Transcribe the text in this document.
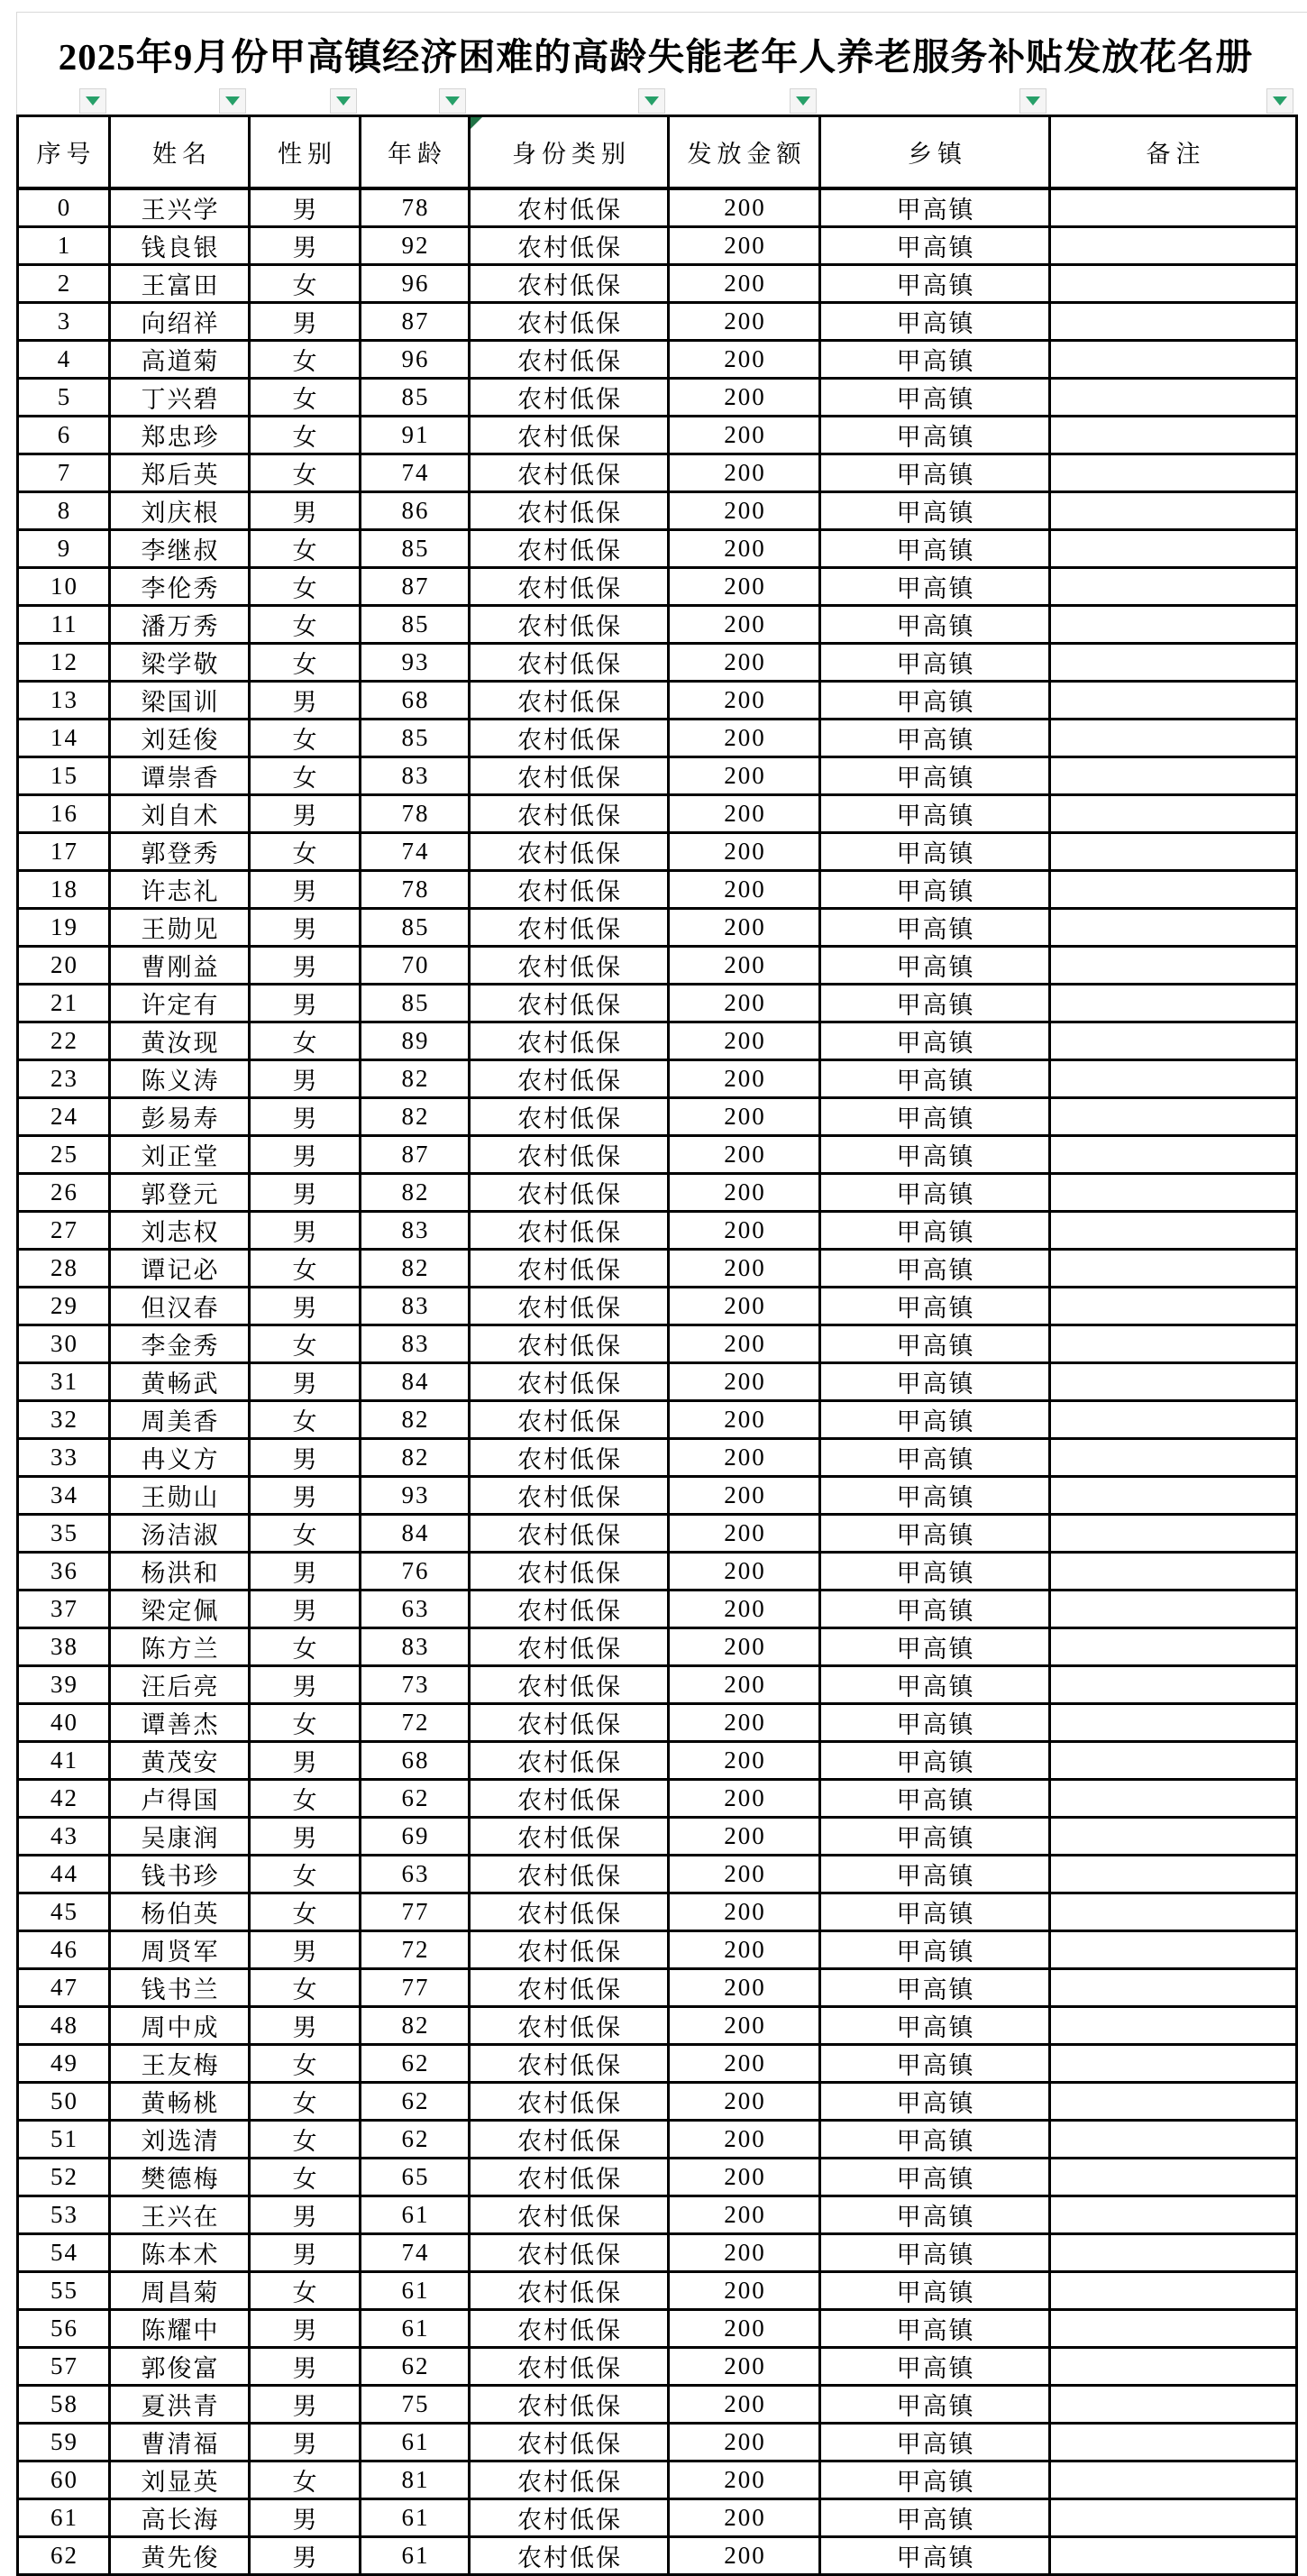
2025年9月份甲高镇经济困难的高龄失能老年人养老服务补贴发放花名册
序号	姓名	性别	年龄	身份类别	发放金额	乡镇	备注
0	王兴学	男	78	农村低保	200	甲高镇	
1	钱良银	男	92	农村低保	200	甲高镇	
2	王富田	女	96	农村低保	200	甲高镇	
3	向绍祥	男	87	农村低保	200	甲高镇	
4	高道菊	女	96	农村低保	200	甲高镇	
5	丁兴碧	女	85	农村低保	200	甲高镇	
6	郑忠珍	女	91	农村低保	200	甲高镇	
7	郑后英	女	74	农村低保	200	甲高镇	
8	刘庆根	男	86	农村低保	200	甲高镇	
9	李继叔	女	85	农村低保	200	甲高镇	
10	李伦秀	女	87	农村低保	200	甲高镇	
11	潘万秀	女	85	农村低保	200	甲高镇	
12	梁学敬	女	93	农村低保	200	甲高镇	
13	梁国训	男	68	农村低保	200	甲高镇	
14	刘廷俊	女	85	农村低保	200	甲高镇	
15	谭崇香	女	83	农村低保	200	甲高镇	
16	刘自术	男	78	农村低保	200	甲高镇	
17	郭登秀	女	74	农村低保	200	甲高镇	
18	许志礼	男	78	农村低保	200	甲高镇	
19	王勋见	男	85	农村低保	200	甲高镇	
20	曹刚益	男	70	农村低保	200	甲高镇	
21	许定有	男	85	农村低保	200	甲高镇	
22	黄汝现	女	89	农村低保	200	甲高镇	
23	陈义涛	男	82	农村低保	200	甲高镇	
24	彭易寿	男	82	农村低保	200	甲高镇	
25	刘正堂	男	87	农村低保	200	甲高镇	
26	郭登元	男	82	农村低保	200	甲高镇	
27	刘志权	男	83	农村低保	200	甲高镇	
28	谭记必	女	82	农村低保	200	甲高镇	
29	但汉春	男	83	农村低保	200	甲高镇	
30	李金秀	女	83	农村低保	200	甲高镇	
31	黄畅武	男	84	农村低保	200	甲高镇	
32	周美香	女	82	农村低保	200	甲高镇	
33	冉义方	男	82	农村低保	200	甲高镇	
34	王勋山	男	93	农村低保	200	甲高镇	
35	汤洁淑	女	84	农村低保	200	甲高镇	
36	杨洪和	男	76	农村低保	200	甲高镇	
37	梁定佩	男	63	农村低保	200	甲高镇	
38	陈方兰	女	83	农村低保	200	甲高镇	
39	汪后亮	男	73	农村低保	200	甲高镇	
40	谭善杰	女	72	农村低保	200	甲高镇	
41	黄茂安	男	68	农村低保	200	甲高镇	
42	卢得国	女	62	农村低保	200	甲高镇	
43	吴康润	男	69	农村低保	200	甲高镇	
44	钱书珍	女	63	农村低保	200	甲高镇	
45	杨伯英	女	77	农村低保	200	甲高镇	
46	周贤军	男	72	农村低保	200	甲高镇	
47	钱书兰	女	77	农村低保	200	甲高镇	
48	周中成	男	82	农村低保	200	甲高镇	
49	王友梅	女	62	农村低保	200	甲高镇	
50	黄畅桃	女	62	农村低保	200	甲高镇	
51	刘选清	女	62	农村低保	200	甲高镇	
52	樊德梅	女	65	农村低保	200	甲高镇	
53	王兴在	男	61	农村低保	200	甲高镇	
54	陈本术	男	74	农村低保	200	甲高镇	
55	周昌菊	女	61	农村低保	200	甲高镇	
56	陈耀中	男	61	农村低保	200	甲高镇	
57	郭俊富	男	62	农村低保	200	甲高镇	
58	夏洪青	男	75	农村低保	200	甲高镇	
59	曹清福	男	61	农村低保	200	甲高镇	
60	刘显英	女	81	农村低保	200	甲高镇	
61	高长海	男	61	农村低保	200	甲高镇	
62	黄先俊	男	61	农村低保	200	甲高镇	
